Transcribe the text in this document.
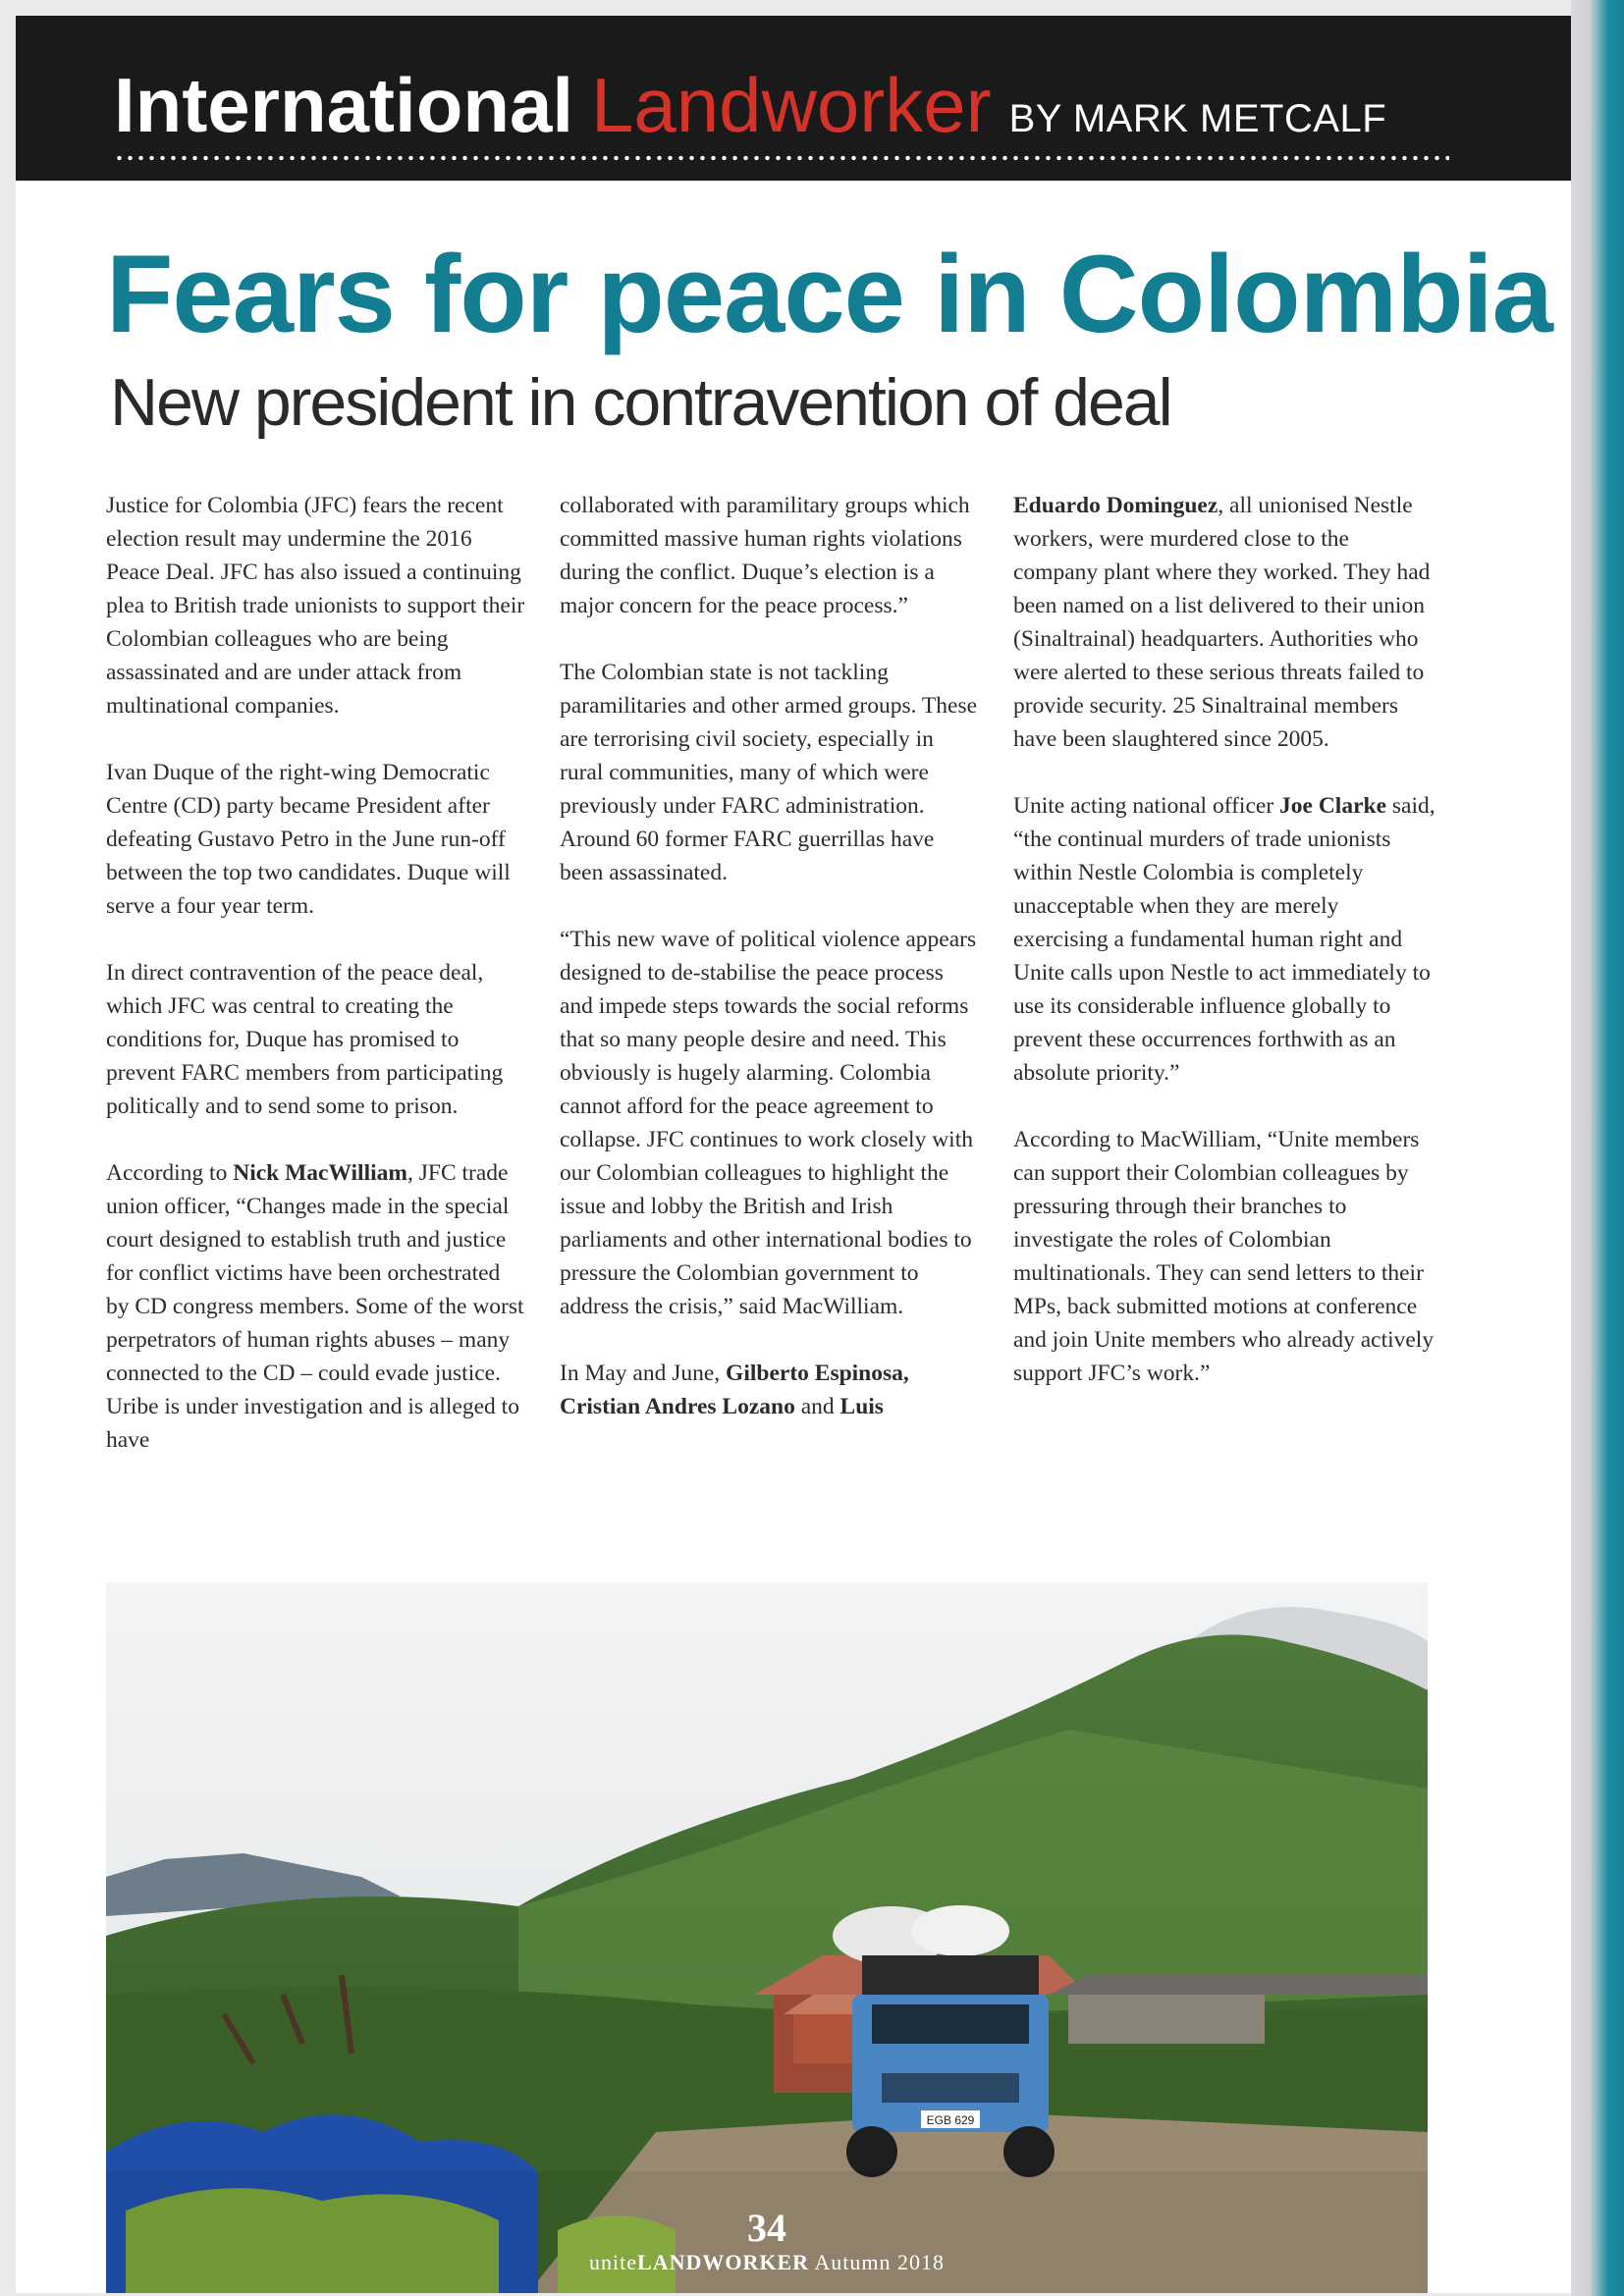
International Landworker BY MARK METCALF
Fears for peace in Colombia
New president in contravention of deal

Justice for Colombia (JFC) fears the recent election result may undermine the 2016 Peace Deal. JFC has also issued a continuing plea to British trade unionists to support their Colombian colleagues who are being assassinated and are under attack from multinational companies.

Ivan Duque of the right-wing Democratic Centre (CD) party became President after defeating Gustavo Petro in the June run-off between the top two candidates. Duque will serve a four year term.

In direct contravention of the peace deal, which JFC was central to creating the conditions for, Duque has promised to prevent FARC members from participating politically and to send some to prison.

According to Nick MacWilliam, JFC trade union officer, “Changes made in the special court designed to establish truth and justice for conflict victims have been orchestrated by CD congress members. Some of the worst perpetrators of human rights abuses – many connected to the CD – could evade justice. Uribe is under investigation and is alleged to have

collaborated with paramilitary groups which committed massive human rights violations during the conflict. Duque’s election is a major concern for the peace process.”

The Colombian state is not tackling paramilitaries and other armed groups. These are terrorising civil society, especially in rural communities, many of which were previously under FARC administration. Around 60 former FARC guerrillas have been assassinated.

“This new wave of political violence appears designed to de-stabilise the peace process and impede steps towards the social reforms that so many people desire and need. This obviously is hugely alarming. Colombia cannot afford for the peace agreement to collapse. JFC continues to work closely with our Colombian colleagues to highlight the issue and lobby the British and Irish parliaments and other international bodies to pressure the Colombian government to address the crisis,” said MacWilliam.

In May and June, Gilberto Espinosa, Cristian Andres Lozano and Luis

Eduardo Dominguez, all unionised Nestle workers, were murdered close to the company plant where they worked. They had been named on a list delivered to their union (Sinaltrainal) headquarters. Authorities who were alerted to these serious threats failed to provide security. 25 Sinaltrainal members have been slaughtered since 2005.

Unite acting national officer Joe Clarke said, “the continual murders of trade unionists within Nestle Colombia is completely unacceptable when they are merely exercising a fundamental human right and Unite calls upon Nestle to act immediately to use its considerable influence globally to prevent these occurrences forthwith as an absolute priority.”

According to MacWilliam, “Unite members can support their Colombian colleagues by pressuring through their branches to investigate the roles of Colombian multinationals. They can send letters to their MPs, back submitted motions at conference and join Unite members who already actively support JFC’s work.”

EGB 629
34
uniteLANDWORKER Autumn 2018
